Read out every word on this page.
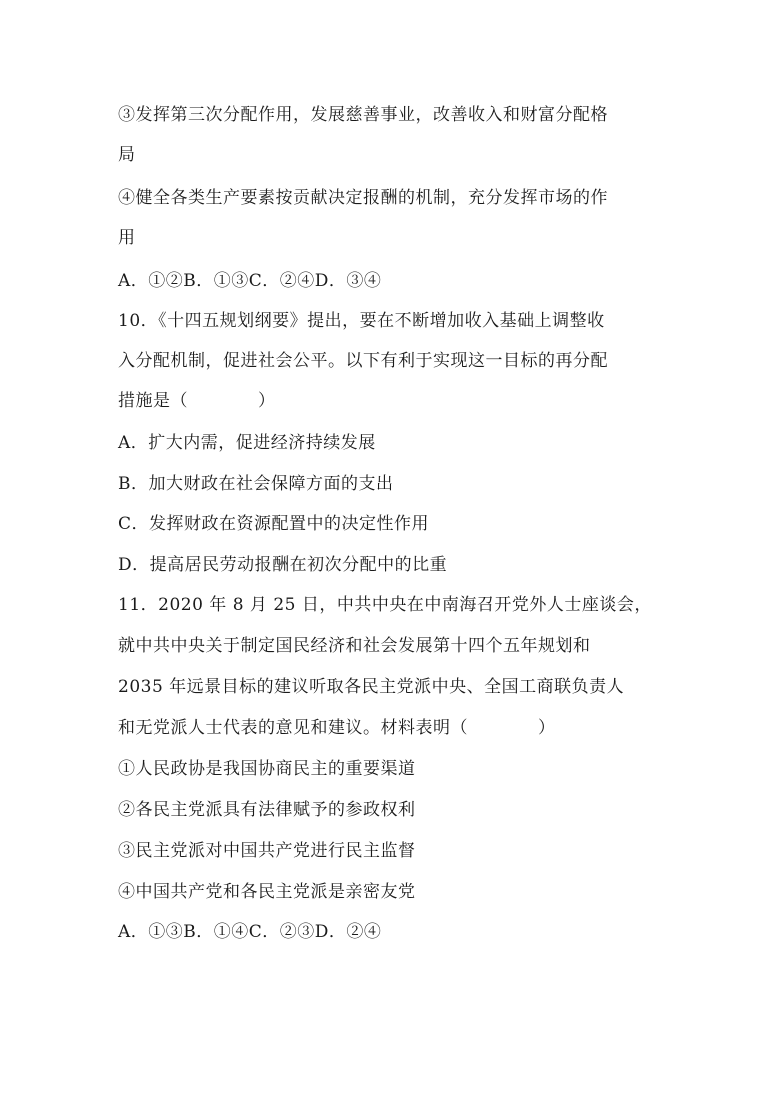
③发挥第三次分配作用，发展慈善事业，改善收入和财富分配格
局
④健全各类生产要素按贡献决定报酬的机制，充分发挥市场的作
用
A．①②B．①③C．②④D．③④
10．《十四五规划纲要》提出，要在不断增加收入基础上调整收
入分配机制，促进社会公平。以下有利于实现这一目标的再分配
措施是（　　　　）
A．扩大内需，促进经济持续发展
B．加大财政在社会保障方面的支出
C．发挥财政在资源配置中的决定性作用
D．提高居民劳动报酬在初次分配中的比重
11．2020 年 8 月 25 日，中共中央在中南海召开党外人士座谈会，
就中共中央关于制定国民经济和社会发展第十四个五年规划和
2035 年远景目标的建议听取各民主党派中央、全国工商联负责人
和无党派人士代表的意见和建议。材料表明（　　　　）
①人民政协是我国协商民主的重要渠道
②各民主党派具有法律赋予的参政权利
③民主党派对中国共产党进行民主监督
④中国共产党和各民主党派是亲密友党
A．①③B．①④C．②③D．②④
